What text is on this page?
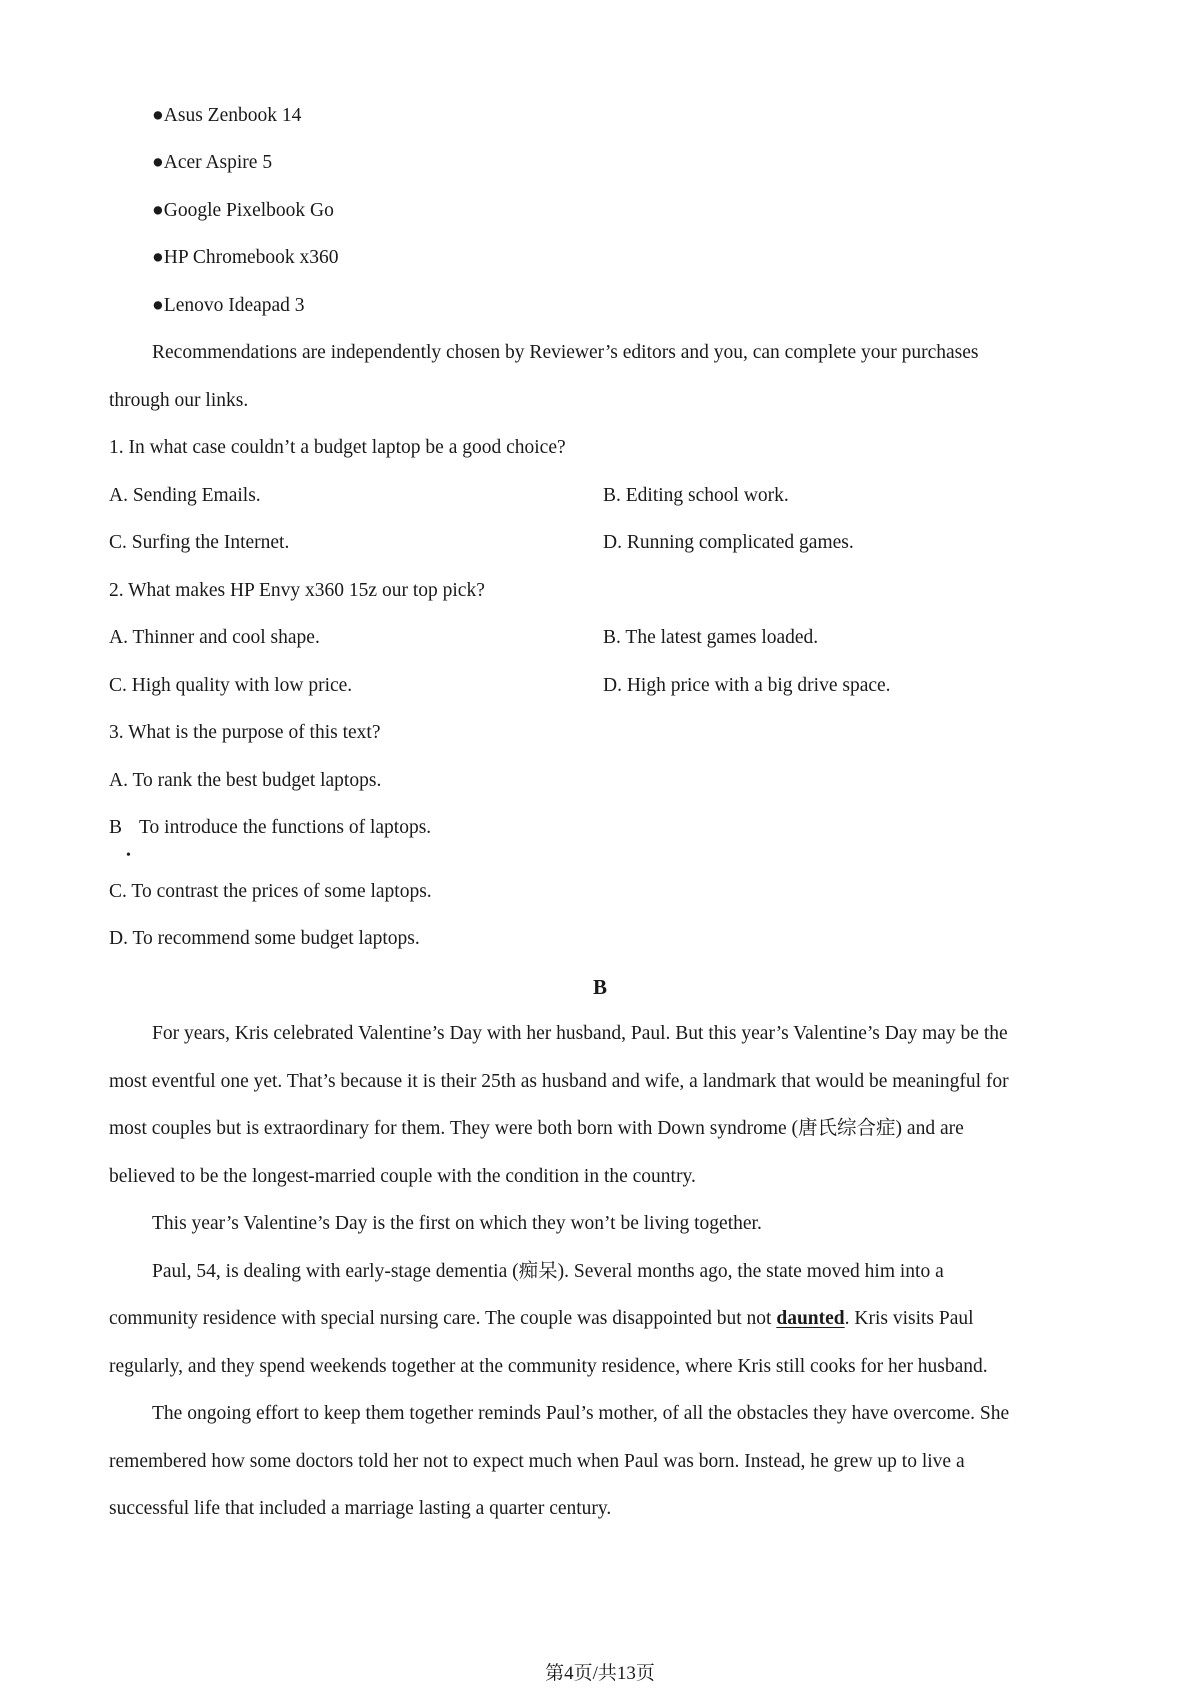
●Asus Zenbook 14
●Acer Aspire 5
●Google Pixelbook Go
●HP Chromebook x360
●Lenovo Ideapad 3
Recommendations are independently chosen by Reviewer’s editors and you, can complete your purchases
through our links.
1. In what case couldn’t a budget laptop be a good choice?
A. Sending Emails.	B. Editing school work.
C. Surfing the Internet.	D. Running complicated games.
2. What makes HP Envy x360 15z our top pick?
A. Thinner and cool shape.	B. The latest games loaded.
C. High quality with low price.	D. High price with a big drive space.
3. What is the purpose of this text?
A. To rank the best budget laptops.
B
•
To introduce the functions of laptops.
C. To contrast the prices of some laptops.
D. To recommend some budget laptops.
B
For years, Kris celebrated Valentine’s Day with her husband, Paul. But this year’s Valentine’s Day may be the
most eventful one yet. That’s because it is their 25th as husband and wife, a landmark that would be meaningful for
most couples but is extraordinary for them. They were both born with Down syndrome (唐氏综合症) and are
believed to be the longest-married couple with the condition in the country.
This year’s Valentine’s Day is the first on which they won’t be living together.
Paul, 54, is dealing with early-stage dementia (痴呆). Several months ago, the state moved him into a
community residence with special nursing care. The couple was disappointed but not daunted. Kris visits Paul
regularly, and they spend weekends together at the community residence, where Kris still cooks for her husband.
The ongoing effort to keep them together reminds Paul’s mother, of all the obstacles they have overcome. She
remembered how some doctors told her not to expect much when Paul was born. Instead, he grew up to live a
successful life that included a marriage lasting a quarter century.
第4页/共13页
